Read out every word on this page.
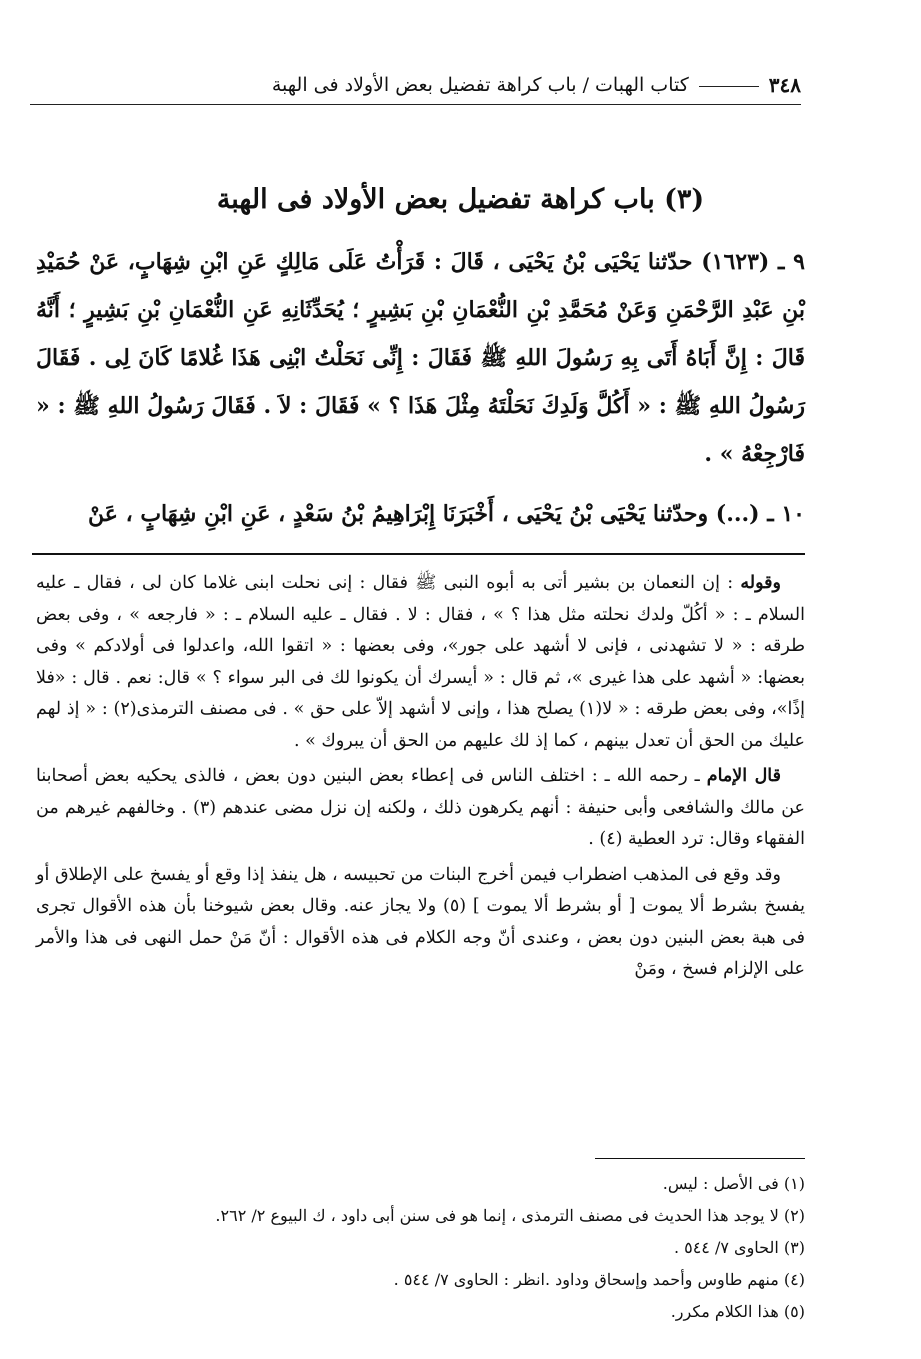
٣٤٨
كتاب الهبات / باب كراهة تفضيل بعض الأولاد فى الهبة
(٣) باب كراهة تفضيل بعض الأولاد فى الهبة

٩ ـ (١٦٢٣) حدّثنا يَحْيَى بْنُ يَحْيَى ، قَالَ : قَرَأْتُ عَلَى مَالِكٍ عَنِ ابْنِ شِهَابٍ، عَنْ حُمَيْدِ بْنِ عَبْدِ الرَّحْمَنِ وَعَنْ مُحَمَّدِ بْنِ النُّعْمَانِ بْنِ بَشِيرٍ ؛ يُحَدِّثَانِهِ عَنِ النُّعْمَانِ بْنِ بَشِيرٍ ؛ أَنَّهُ قَالَ : إِنَّ أَبَاهُ أَتَى بِهِ رَسُولَ اللهِ ﷺ فَقَالَ : إِنِّى نَحَلْتُ ابْنِى هَذَا غُلامًا كَانَ لِى . فَقَالَ رَسُولُ اللهِ ﷺ : « أَكُلَّ وَلَدِكَ نَحَلْتَهُ مِثْلَ هَذَا ؟ » فَقَالَ : لاَ . فَقَالَ رَسُولُ اللهِ ﷺ : « فَارْجِعْهُ » .

١٠ ـ (...) وحدّثنا يَحْيَى بْنُ يَحْيَى ، أَخْبَرَنَا إِبْرَاهِيمُ بْنُ سَعْدٍ ، عَنِ ابْنِ شِهَابٍ ، عَنْ

وقوله : إن النعمان بن بشير أتى به أبوه النبى ﷺ فقال : إنى نحلت ابنى غلاما كان لى ، فقال ـ عليه السلام ـ : « أكُلّ ولدك نحلته مثل هذا ؟ » ، فقال : لا . فقال ـ عليه السلام ـ : « فارجعه » ، وفى بعض طرقه : « لا تشهدنى ، فإنى لا أشهد على جور»، وفى بعضها : « اتقوا الله، واعدلوا فى أولادكم » وفى بعضها: « أشهد على هذا غيرى »، ثم قال : « أيسرك أن يكونوا لك فى البر سواء ؟ » قال: نعم . قال : «فلا إذًا»، وفى بعض طرقه : « لا(١) يصلح هذا ، وإنى لا أشهد إلاّ على حق » . فى مصنف الترمذى(٢) : « إذ لهم عليك من الحق أن تعدل بينهم ، كما إذ لك عليهم من الحق أن يبروك » .

قال الإمام ـ رحمه الله ـ : اختلف الناس فى إعطاء بعض البنين دون بعض ، فالذى يحكيه بعض أصحابنا عن مالك والشافعى وأبى حنيفة : أنهم يكرهون ذلك ، ولكنه إن نزل مضى عندهم (٣) . وخالفهم غيرهم من الفقهاء وقال: ترد العطية (٤) .

وقد وقع فى المذهب اضطراب فيمن أخرج البنات من تحبيسه ، هل ينفذ إذا وقع أو يفسخ على الإطلاق أو يفسخ بشرط ألا يموت [ أو بشرط ألا يموت ] (٥) ولا يجاز عنه. وقال بعض شيوخنا بأن هذه الأقوال تجرى فى هبة بعض البنين دون بعض ، وعندى أنّ وجه الكلام فى هذه الأقوال : أنّ مَنْ حمل النهى فى هذا والأمر على الإلزام فسخ ، ومَنْ

(١) فى الأصل : ليس.
(٢) لا يوجد هذا الحديث فى مصنف الترمذى ، إنما هو فى سنن أبى داود ، ك البيوع ٢/ ٢٦٢.
(٣) الحاوى ٧/ ٥٤٤ .
(٤) منهم طاوس وأحمد وإسحاق وداود .انظر : الحاوى ٧/ ٥٤٤ .
(٥) هذا الكلام مكرر.
